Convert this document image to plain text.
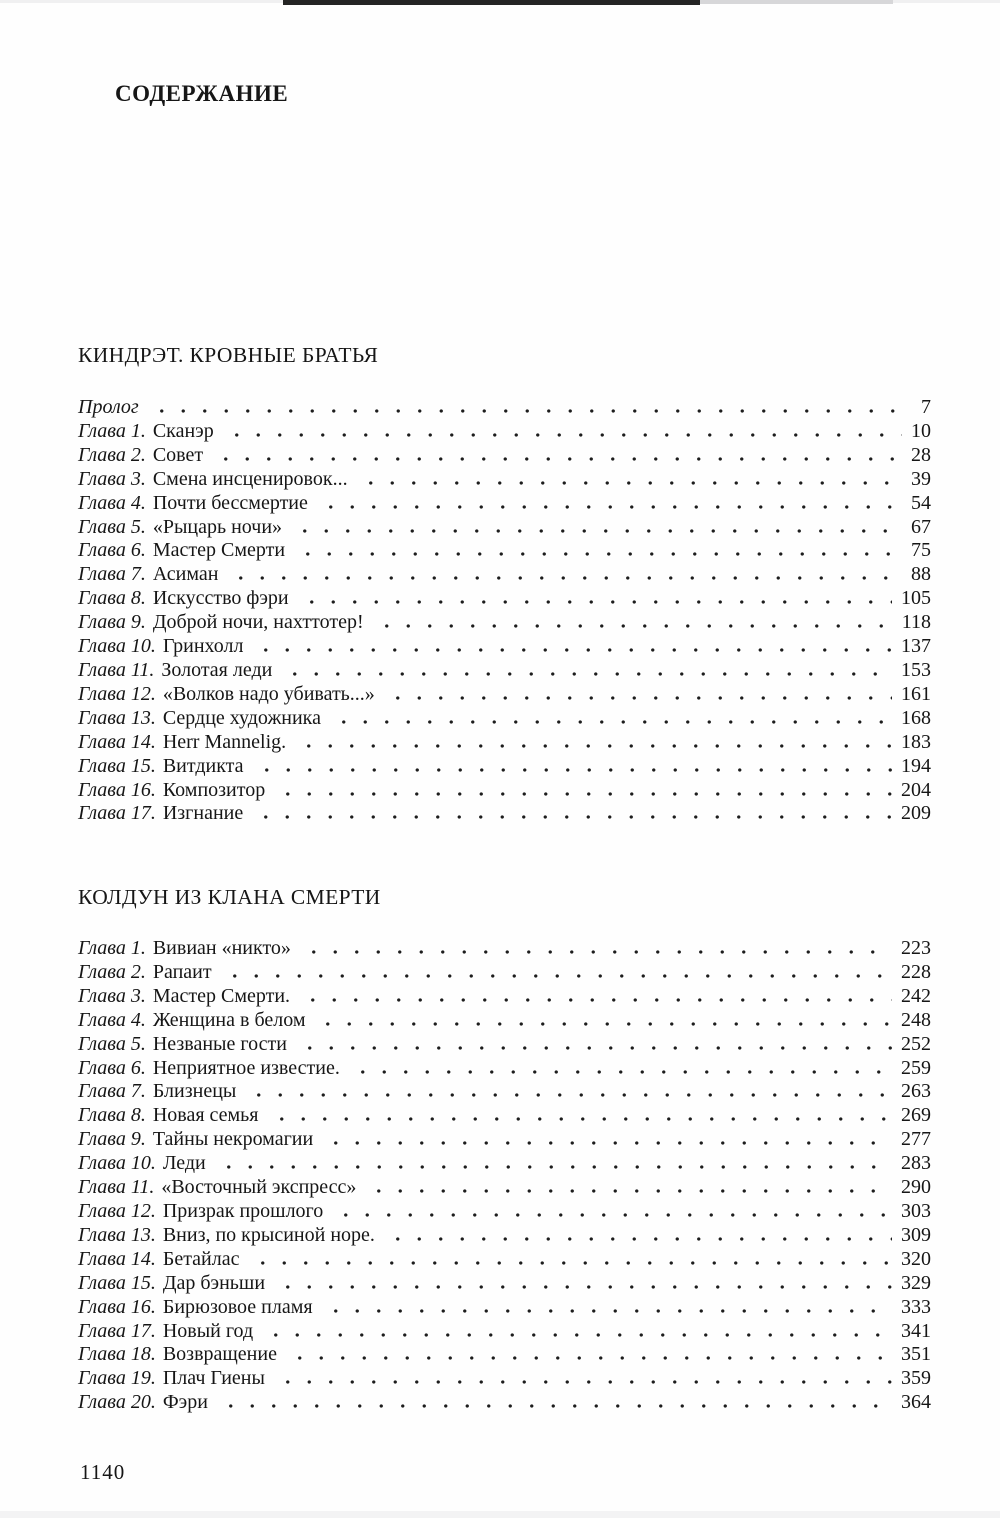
СОДЕРЖАНИЕ
КИНДРЭТ. КРОВНЫЕ БРАТЬЯ
Пролог	7
Глава 1. Сканэр	10
Глава 2. Совет	28
Глава 3. Смена инсценировок...	39
Глава 4. Почти бессмертие	54
Глава 5. «Рыцарь ночи»	67
Глава 6. Мастер Смерти	75
Глава 7. Асиман	88
Глава 8. Искусство фэри	105
Глава 9. Доброй ночи, нахттотер!	118
Глава 10. Гринхолл	137
Глава 11. Золотая леди	153
Глава 12. «Волков надо убивать...»	161
Глава 13. Сердце художника	168
Глава 14. Herr Mannelig.	183
Глава 15. Витдикта	194
Глава 16. Композитор	204
Глава 17. Изгнание	209
КОЛДУН ИЗ КЛАНА СМЕРТИ
Глава 1. Вивиан «никто»	223
Глава 2. Рапаит	228
Глава 3. Мастер Смерти.	242
Глава 4. Женщина в белом	248
Глава 5. Незваные гости	252
Глава 6. Неприятное известие.	259
Глава 7. Близнецы	263
Глава 8. Новая семья	269
Глава 9. Тайны некромагии	277
Глава 10. Леди	283
Глава 11. «Восточный экспресс»	290
Глава 12. Призрак прошлого	303
Глава 13. Вниз, по крысиной норе.	309
Глава 14. Бетайлас	320
Глава 15. Дар бэньши	329
Глава 16. Бирюзовое пламя	333
Глава 17. Новый год	341
Глава 18. Возвращение	351
Глава 19. Плач Гиены	359
Глава 20. Фэри	364
1140
